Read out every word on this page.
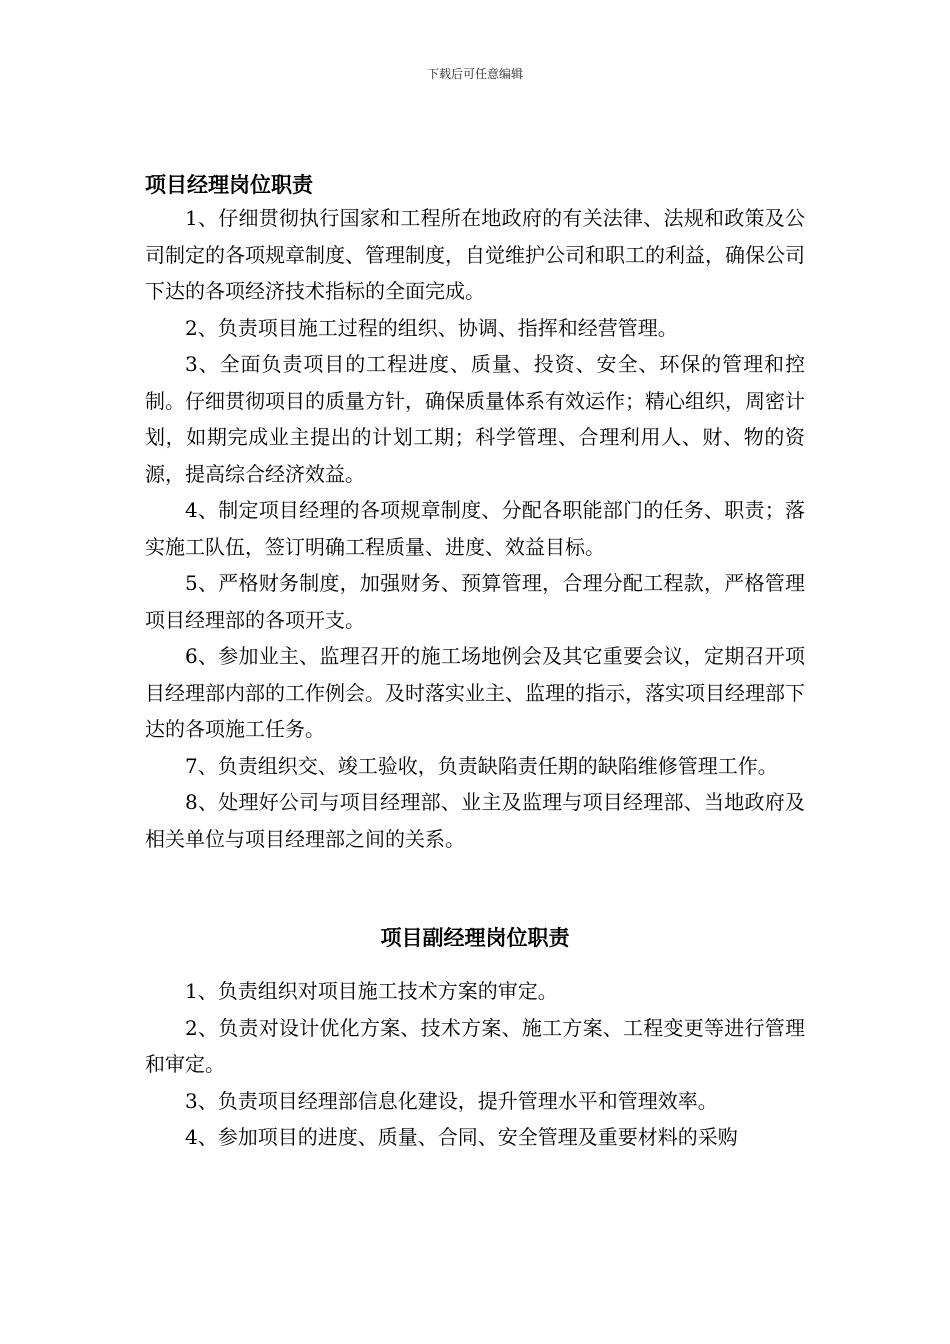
下载后可任意编辑
项目经理岗位职责

1、仔细贯彻执行国家和工程所在地政府的有关法律、法规和政策及公司制定的各项规章制度、管理制度，自觉维护公司和职工的利益，确保公司下达的各项经济技术指标的全面完成。

2、负责项目施工过程的组织、协调、指挥和经营管理。

3、全面负责项目的工程进度、质量、投资、安全、环保的管理和控制。仔细贯彻项目的质量方针，确保质量体系有效运作；精心组织，周密计划，如期完成业主提出的计划工期；科学管理、合理利用人、财、物的资源，提高综合经济效益。

4、制定项目经理的各项规章制度、分配各职能部门的任务、职责；落实施工队伍，签订明确工程质量、进度、效益目标。

5、严格财务制度，加强财务、预算管理，合理分配工程款，严格管理项目经理部的各项开支。

6、参加业主、监理召开的施工场地例会及其它重要会议，定期召开项目经理部内部的工作例会。及时落实业主、监理的指示，落实项目经理部下达的各项施工任务。

7、负责组织交、竣工验收，负责缺陷责任期的缺陷维修管理工作。

8、处理好公司与项目经理部、业主及监理与项目经理部、当地政府及相关单位与项目经理部之间的关系。

项目副经理岗位职责

1、负责组织对项目施工技术方案的审定。

2、负责对设计优化方案、技术方案、施工方案、工程变更等进行管理和审定。

3、负责项目经理部信息化建设，提升管理水平和管理效率。

4、参加项目的进度、质量、合同、安全管理及重要材料的采购
